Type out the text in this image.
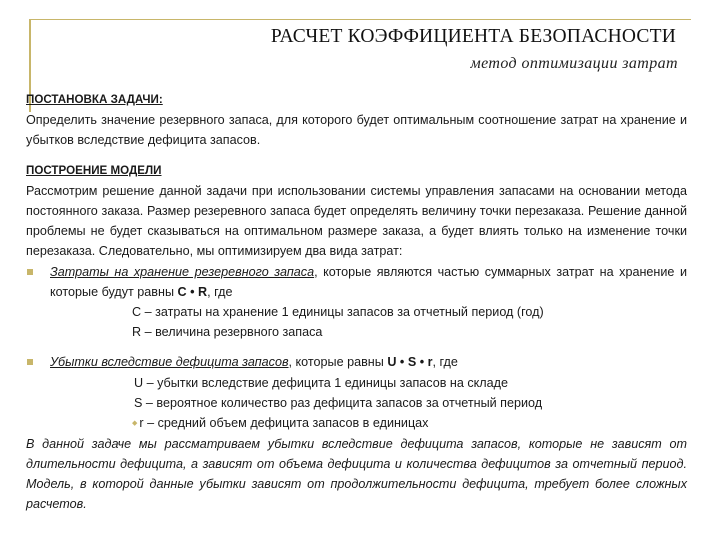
РАСЧЕТ КОЭФФИЦИЕНТА БЕЗОПАСНОСТИ
метод оптимизации затрат
ПОСТАНОВКА ЗАДАЧИ:
Определить значение резервного запаса, для которого будет оптимальным соотношение затрат на хранение и убытков вследствие дефицита запасов.
ПОСТРОЕНИЕ МОДЕЛИ
Рассмотрим решение данной задачи при использовании системы управления запасами на основании метода постоянного заказа. Размер резеревного запаса будет определять величину точки перезаказа. Решение данной проблемы не будет сказываться на оптимальном размере заказа, а будет влиять только на изменение точки перезаказа. Следовательно, мы оптимизируем два вида затрат:
Затраты на хранение резеревного запаса, которые являются частью суммарных затрат на хранение и которые будут равны C • R, где
C – затраты на хранение 1 единицы запасов за отчетный период (год)
R – величина резервного запаса
Убытки вследствие дефицита запасов, которые равны U • S • r, где
U – убытки вследствие дефицита 1 единицы запасов на складе
S – вероятное количество раз дефицита запасов за отчетный период
◆ r – средний объем дефицита запасов в единицах
В данной задаче мы рассматриваем убытки вследствие дефицита запасов, которые не зависят от длительности дефицита, а зависят от объема дефицита и количества дефицитов за отчетный период. Модель, в которой данные убытки зависят от продолжительности дефицита, требует более сложных расчетов.
